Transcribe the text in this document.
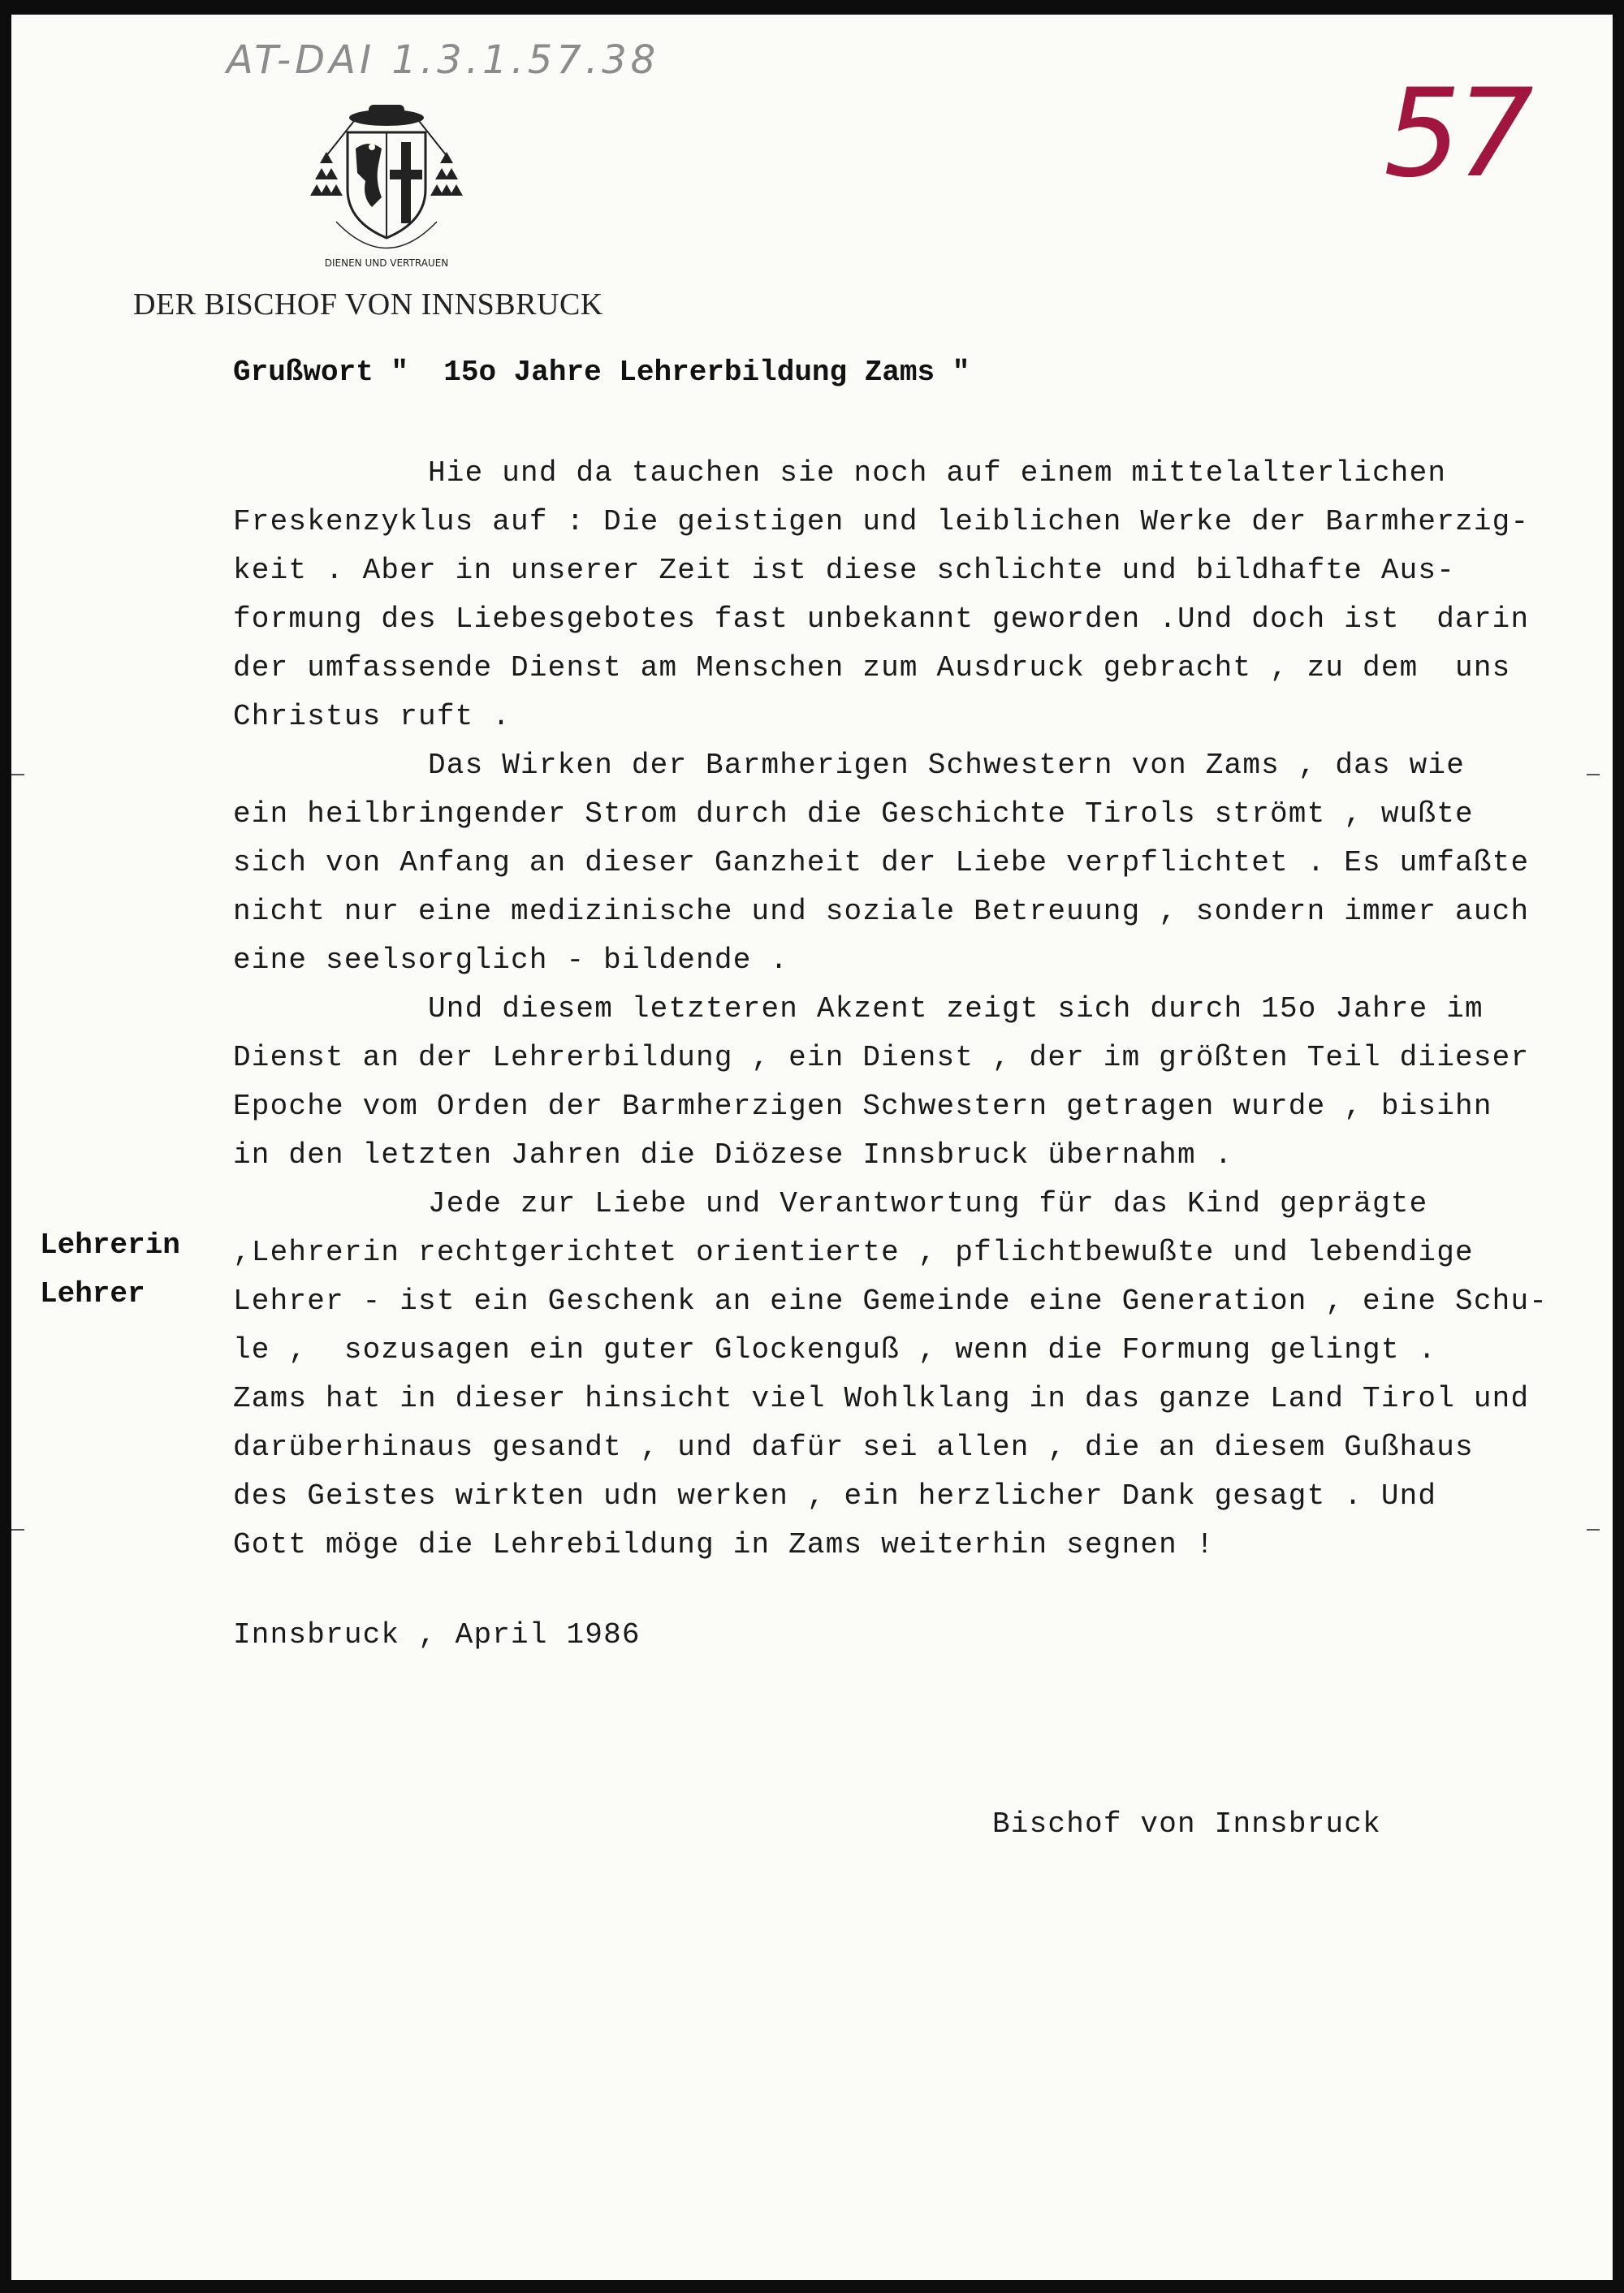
AT-DAI 1.3.1.57.38
57
DIENEN UND VERTRAUEN
DER BISCHOF VON INNSBRUCK
Grußwort "  15o Jahre Lehrerbildung Zams "
Hie und da tauchen sie noch auf einem mittelalterlichen
Freskenzyklus auf : Die geistigen und leiblichen Werke der Barmherzig-
keit . Aber in unserer Zeit ist diese schlichte und bildhafte Aus-
formung des Liebesgebotes fast unbekannt geworden .Und doch ist  darin
der umfassende Dienst am Menschen zum Ausdruck gebracht , zu dem  uns
Christus ruft .
Das Wirken der Barmherigen Schwestern von Zams , das wie
ein heilbringender Strom durch die Geschichte Tirols strömt , wußte
sich von Anfang an dieser Ganzheit der Liebe verpflichtet . Es umfaßte
nicht nur eine medizinische und soziale Betreuung , sondern immer auch
eine seelsorglich - bildende .
Und diesem letzteren Akzent zeigt sich durch 15o Jahre im
Dienst an der Lehrerbildung , ein Dienst , der im größten Teil diieser
Epoche vom Orden der Barmherzigen Schwestern getragen wurde , bisihn
in den letzten Jahren die Diözese Innsbruck übernahm .
Jede zur Liebe und Verantwortung für das Kind geprägte
,Lehrerin rechtgerichtet orientierte , pflichtbewußte und lebendige
Lehrer - ist ein Geschenk an eine Gemeinde eine Generation , eine Schu-
le ,  sozusagen ein guter Glockenguß , wenn die Formung gelingt .
Zams hat in dieser hinsicht viel Wohlklang in das ganze Land Tirol und
darüberhinaus gesandt , und dafür sei allen , die an diesem Gußhaus
des Geistes wirkten udn werken , ein herzlicher Dank gesagt . Und
Gott möge die Lehrebildung in Zams weiterhin segnen !
Lehrerin
Lehrer
Innsbruck , April 1986
Bischof von Innsbruck
